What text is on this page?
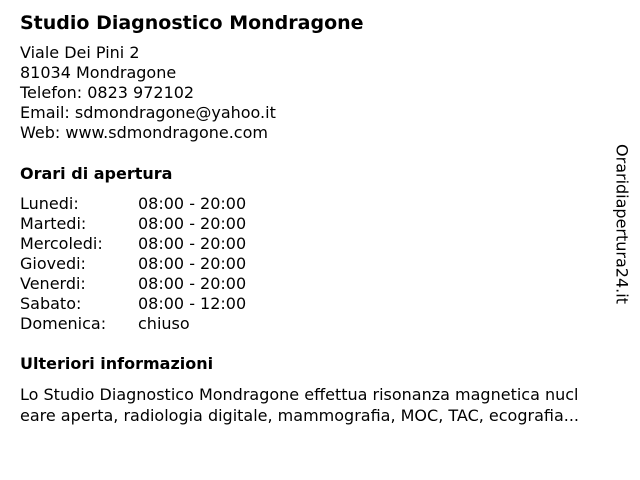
Studio Diagnostico Mondragone
Viale Dei Pini 2
81034 Mondragone
Telefon: 0823 972102
Email: sdmondragone@yahoo.it
Web: www.sdmondragone.com
Orari di apertura
Lunedi:	08:00 - 20:00
Martedi:	08:00 - 20:00
Mercoledi: 08:00 - 20:00
Giovedi:	08:00 - 20:00
Venerdi:	08:00 - 20:00
Sabato:	08:00 - 12:00
Domenica: chiuso
Ulteriori informazioni
Lo Studio Diagnostico Mondragone effettua risonanza magnetica nucl
eare aperta, radiologia digitale, mammografia, MOC, TAC, ecografia...
Oraridiapertura24.it
